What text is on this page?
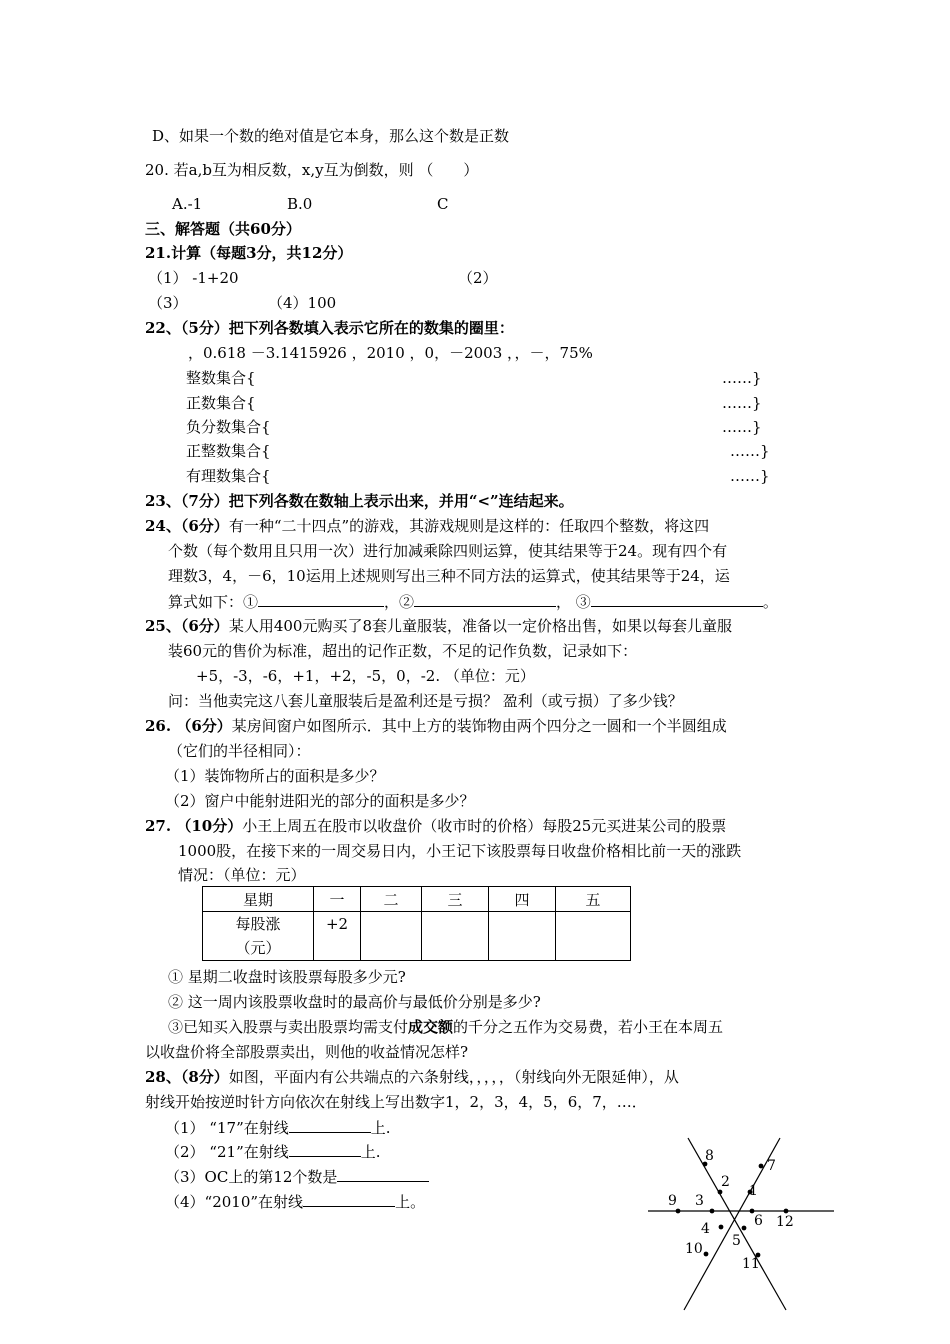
D、如果一个数的绝对值是它本身，那么这个数是正数
20. 若a,b互为相反数，x,y互为倒数，则 （　　）
A.-1	B.0	C
三、解答题（共60分）
21.计算（每题3分，共12分）
（1） -1+20	（2）
（3）	（4）100
22、（5分）把下列各数填入表示它所在的数集的圈里：
，0.618 －3.1415926 ，2010 ，0，－2003 ，，－，75%
整数集合{	……}
正数集合{	……}
负分数集合{	……}
正整数集合{	……}
有理数集合{	……}
23、（7分）把下列各数在数轴上表示出来，并用“<”连结起来。
24、（6分）有一种“二十四点”的游戏，其游戏规则是这样的：任取四个整数，将这四
个数（每个数用且只用一次）进行加减乘除四则运算，使其结果等于24。现有四个有
理数3，4，－6，10运用上述规则写出三种不同方法的运算式，使其结果等于24，运
算式如下：①	，②	， ③	。
25、（6分）某人用400元购买了8套儿童服装，准备以一定价格出售，如果以每套儿童服
装60元的售价为标准，超出的记作正数，不足的记作负数，记录如下：
+5，-3，-6，+1，+2，-5，0，-2. （单位：元）
问：当他卖完这八套儿童服装后是盈利还是亏损？ 盈利（或亏损）了多少钱？
26. （6分）某房间窗户如图所示．其中上方的装饰物由两个四分之一圆和一个半圆组成
（它们的半径相同）：
（1）装饰物所占的面积是多少？
（2）窗户中能射进阳光的部分的面积是多少？
27. （10分）小王上周五在股市以收盘价（收市时的价格）每股25元买进某公司的股票
1000股，在接下来的一周交易日内，小王记下该股票每日收盘价格相比前一天的涨跌
情况：（单位：元）
星期	一	二	三	四	五
每股涨
（元）	+2				
① 星期二收盘时该股票每股多少元?
② 这一周内该股票收盘时的最高价与最低价分别是多少?
③已知买入股票与卖出股票均需支付成交额的千分之五作为交易费，若小王在本周五
以收盘价将全部股票卖出，则他的收益情况怎样?
28、（8分）如图，平面内有公共端点的六条射线，，，，，（射线向外无限延伸），从
射线开始按逆时针方向依次在射线上写出数字1，2，3，4，5，6，7，…．
（1） “17”在射线	上.
（2） “21”在射线	上.
（3）OC上的第12个数是
（4）“2010”在射线	上。
1
2
3
4
5
6
7
8
9
10
11
12
